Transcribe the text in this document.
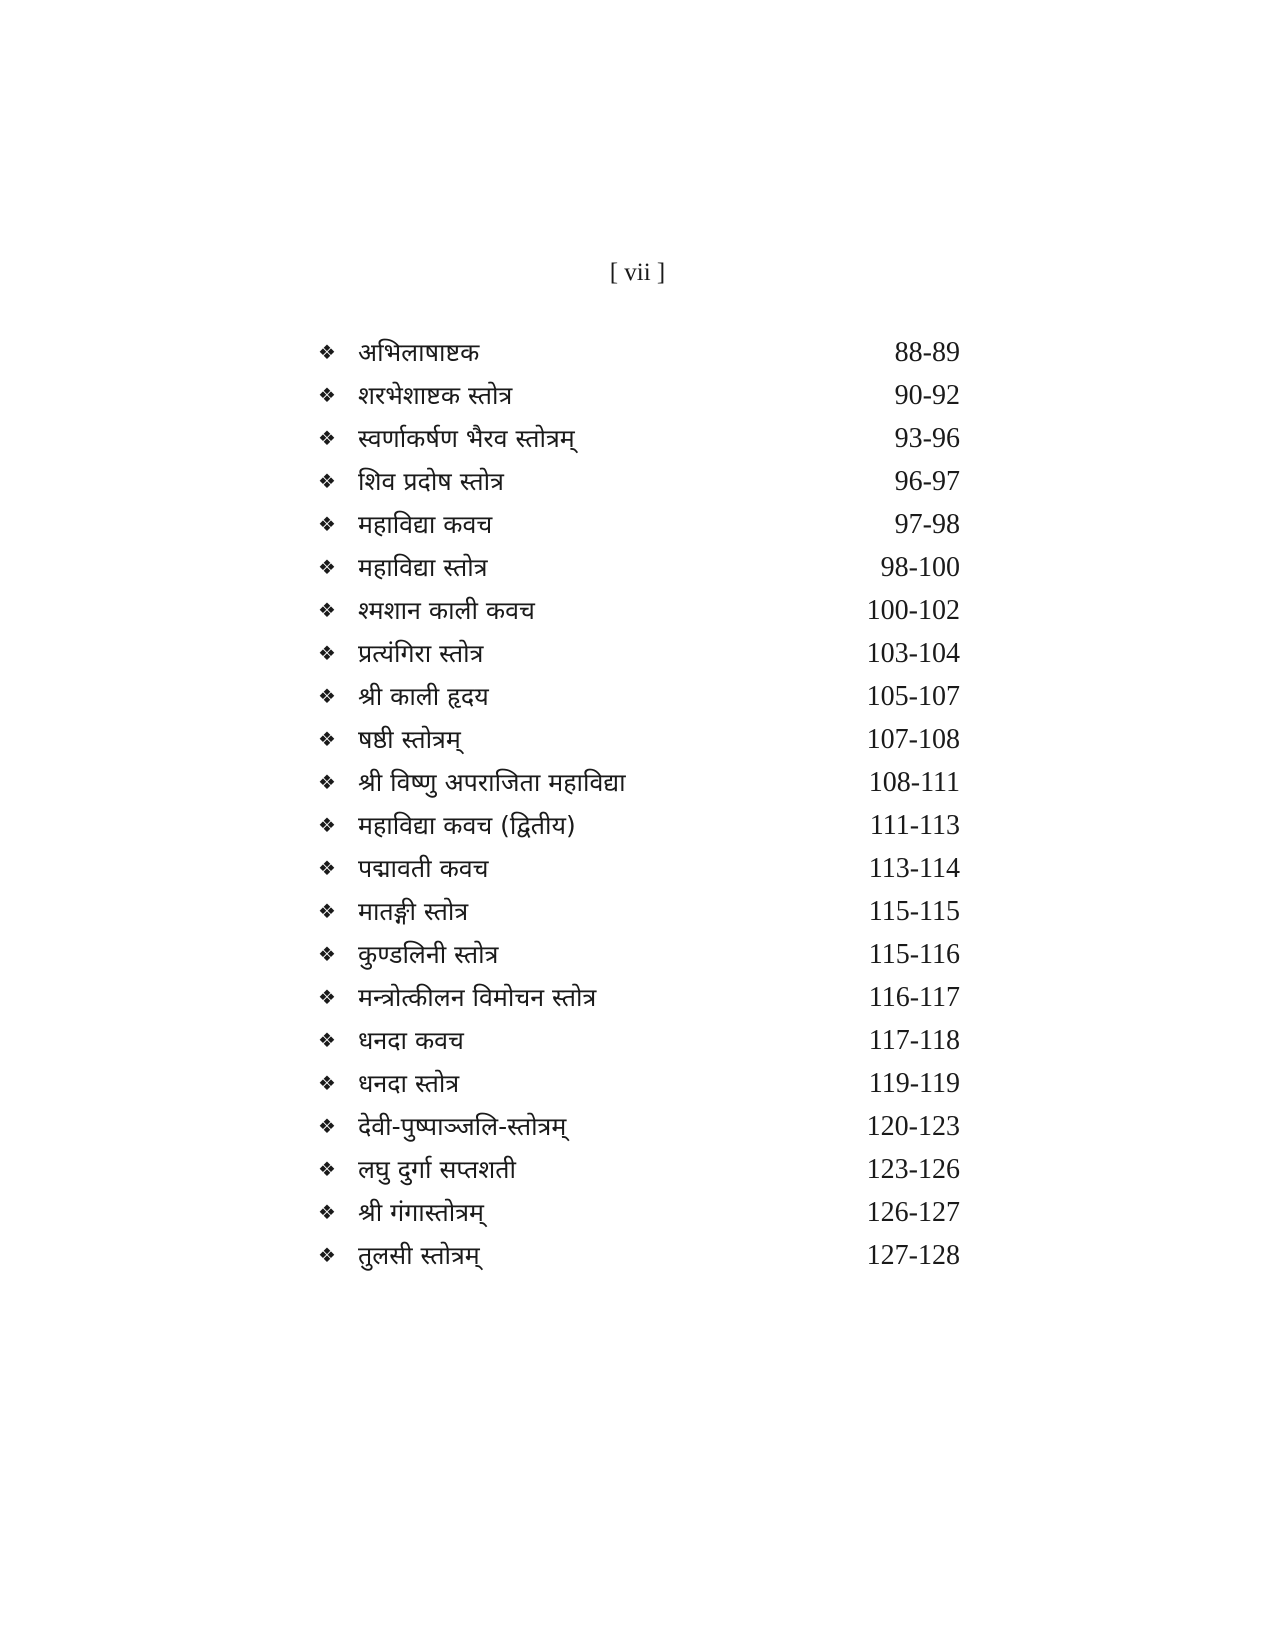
[ vii ]
❖ अभिलाषाष्टक	88-89
❖ शरभेशाष्टक स्तोत्र	90-92
❖ स्वर्णाकर्षण भैरव स्तोत्रम्	93-96
❖ शिव प्रदोष स्तोत्र	96-97
❖ महाविद्या कवच	97-98
❖ महाविद्या स्तोत्र	98-100
❖ श्मशान काली कवच	100-102
❖ प्रत्यंगिरा स्तोत्र	103-104
❖ श्री काली हृदय	105-107
❖ षष्ठी स्तोत्रम्	107-108
❖ श्री विष्णु अपराजिता महाविद्या	108-111
❖ महाविद्या कवच (द्वितीय)	111-113
❖ पद्मावती कवच	113-114
❖ मातङ्गी स्तोत्र	115-115
❖ कुण्डलिनी स्तोत्र	115-116
❖ मन्त्रोत्कीलन विमोचन स्तोत्र	116-117
❖ धनदा कवच	117-118
❖ धनदा स्तोत्र	119-119
❖ देवी-पुष्पाञ्जलि-स्तोत्रम्	120-123
❖ लघु दुर्गा सप्तशती	123-126
❖ श्री गंगास्तोत्रम्	126-127
❖ तुलसी स्तोत्रम्	127-128
